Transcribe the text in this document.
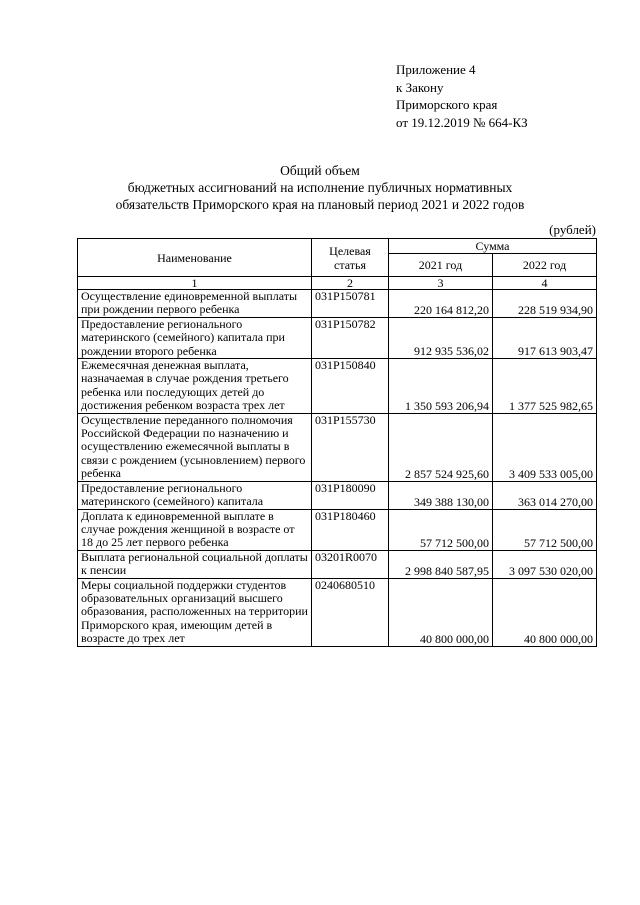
Приложение 4
к Закону
Приморского края
от 19.12.2019 № 664-КЗ
Общий объем
бюджетных ассигнований на исполнение публичных нормативных
обязательств Приморского края на плановый период 2021 и 2022 годов
(рублей)
Наименование	Целевая статья	Сумма	
		2021 год	2022 год
1	2	3	4
Осуществление единовременной выплаты при рождении первого ребенка	031P150781	220 164 812,20	228 519 934,90
Предоставление регионального материнского (семейного) капитала при рождении второго ребенка	031P150782	912 935 536,02	917 613 903,47
Ежемесячная денежная выплата, назначаемая в случае рождения третьего ребенка или последующих детей до достижения ребенком возраста трех лет	031P150840	1 350 593 206,94	1 377 525 982,65
Осуществление переданного полномочия Российской Федерации по назначению и осуществлению ежемесячной выплаты в связи с рождением (усыновлением) первого ребенка	031P155730	2 857 524 925,60	3 409 533 005,00
Предоставление регионального материнского (семейного) капитала	031P180090	349 388 130,00	363 014 270,00
Доплата к единовременной выплате в случае рождения женщиной в возрасте от 18 до 25 лет первого ребенка	031P180460	57 712 500,00	57 712 500,00
Выплата региональной социальной доплаты к пенсии	03201R0070	2 998 840 587,95	3 097 530 020,00
Меры социальной поддержки студентов образовательных организаций высшего образования, расположенных на территории Приморского края, имеющим детей в возрасте до трех лет	0240680510	40 800 000,00	40 800 000,00
